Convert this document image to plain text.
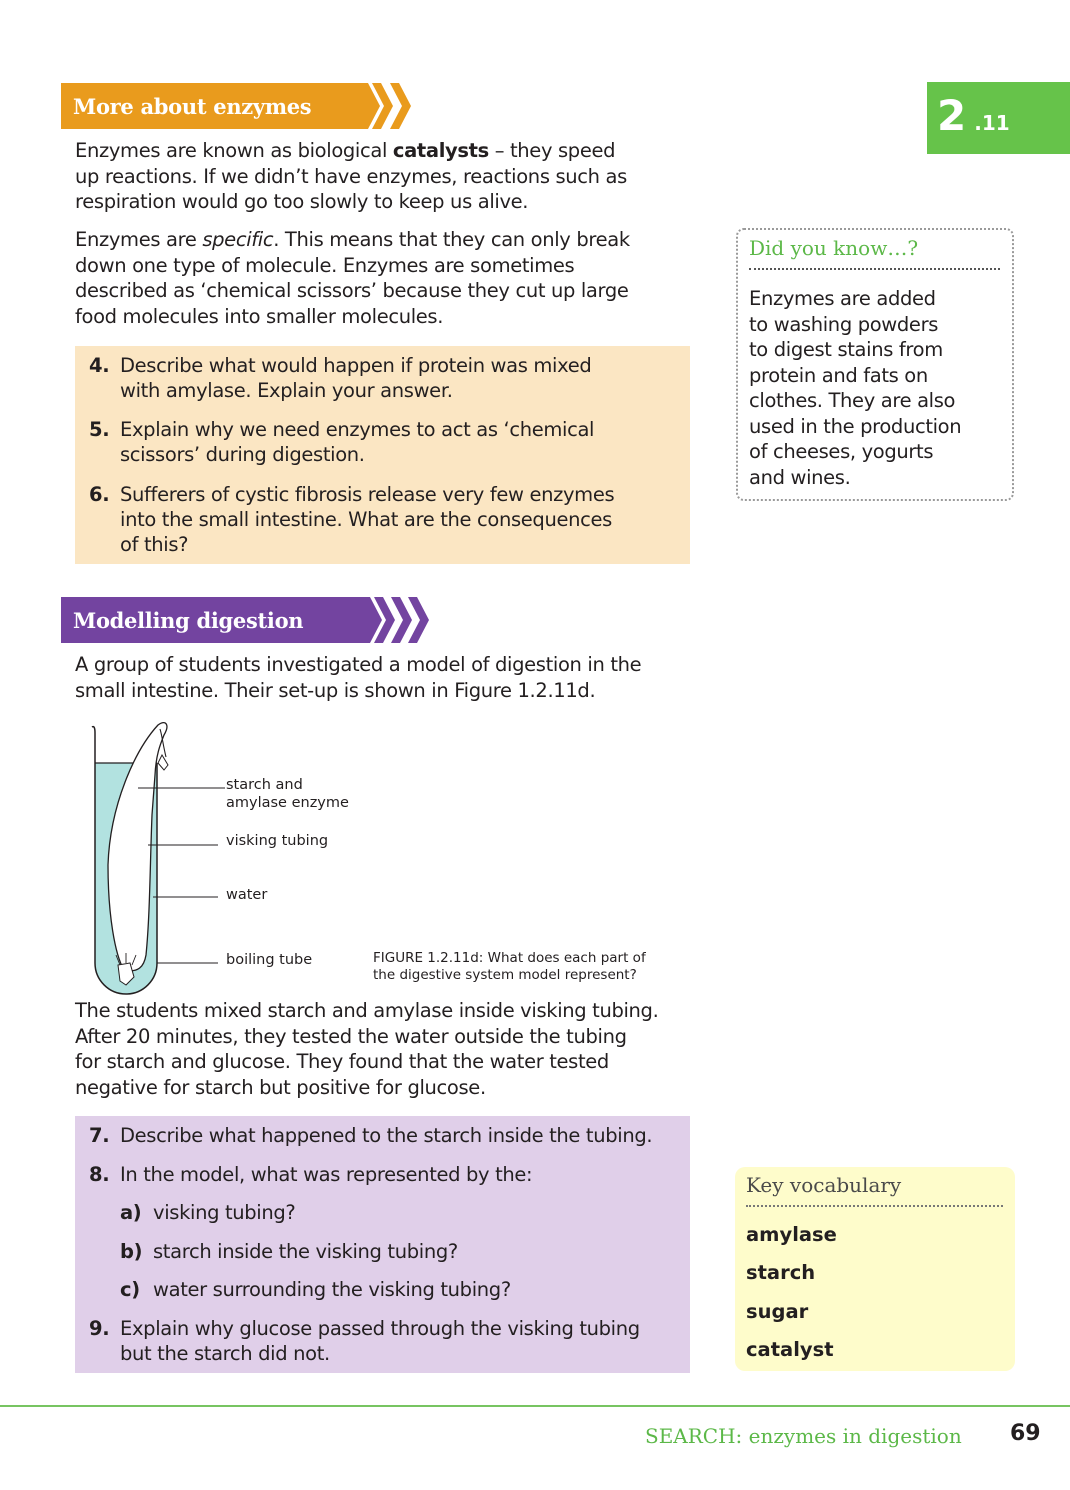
2 .11
More about enzymes

Enzymes are known as biological catalysts – they speed
up reactions. If we didn’t have enzymes, reactions such as
respiration would go too slowly to keep us alive.

Enzymes are specific. This means that they can only break
down one type of molecule. Enzymes are sometimes
described as ‘chemical scissors’ because they cut up large
food molecules into smaller molecules.

4. Describe what would happen if protein was mixed
with amylase. Explain your answer.
5. Explain why we need enzymes to act as ‘chemical
scissors’ during digestion.
6. Sufferers of cystic fibrosis release very few enzymes
into the small intestine. What are the consequences
of this?
Did you know…?
Enzymes are added
to washing powders
to digest stains from
protein and fats on
clothes. They are also
used in the production
of cheeses, yogurts
and wines.
Modelling digestion

A group of students investigated a model of digestion in the
small intestine. Their set-up is shown in Figure 1.2.11d.

starch and
amylase enzyme
visking tubing
water
boiling tube	FIGURE 1.2.11d: What does each part of
the digestive system model represent?

The students mixed starch and amylase inside visking tubing.
After 20 minutes, they tested the water outside the tubing
for starch and glucose. They found that the water tested
negative for starch but positive for glucose.

7. Describe what happened to the starch inside the tubing.
8. In the model, what was represented by the:
a) visking tubing?
b) starch inside the visking tubing?
c) water surrounding the visking tubing?
9. Explain why glucose passed through the visking tubing
but the starch did not.
Key vocabulary
amylase
starch
sugar
catalyst
SEARCH: enzymes in digestion 69
